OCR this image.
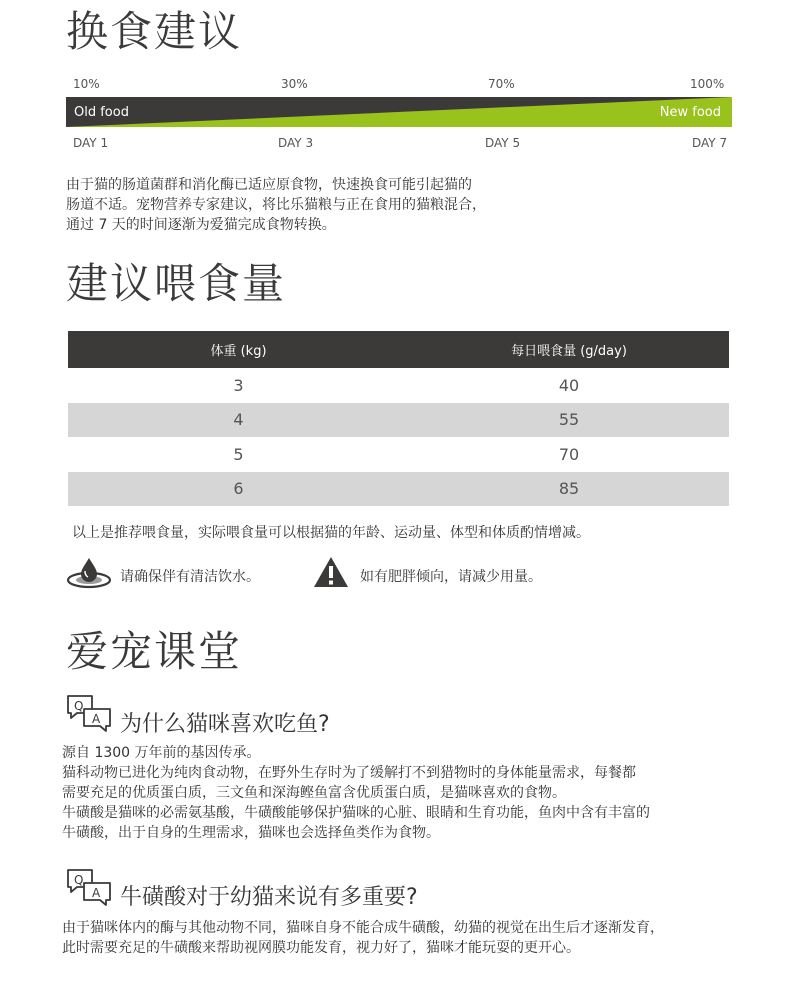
换食建议
10%	30%	70%	100%
Old food	New food
DAY 1	DAY 3	DAY 5	DAY 7
由于猫的肠道菌群和消化酶已适应原食物，快速换食可能引起猫的
肠道不适。宠物营养专家建议，将比乐猫粮与正在食用的猫粮混合，
通过 7 天的时间逐渐为爱猫完成食物转换。
建议喂食量
体重 (kg)	每日喂食量 (g/day)
3	40
4	55
5	70
6	85
以上是推荐喂食量，实际喂食量可以根据猫的年龄、运动量、体型和体质酌情增减。
请确保伴有清洁饮水。	如有肥胖倾向，请减少用量。
爱宠课堂
Q
A 为什么猫咪喜欢吃鱼?
源自 1300 万年前的基因传承。
猫科动物已进化为纯肉食动物，在野外生存时为了缓解打不到猎物时的身体能量需求，每餐都
需要充足的优质蛋白质，三文鱼和深海鲣鱼富含优质蛋白质，是猫咪喜欢的食物。
牛磺酸是猫咪的必需氨基酸，牛磺酸能够保护猫咪的心脏、眼睛和生育功能，鱼肉中含有丰富的
牛磺酸，出于自身的生理需求，猫咪也会选择鱼类作为食物。
Q
A 牛磺酸对于幼猫来说有多重要?
由于猫咪体内的酶与其他动物不同，猫咪自身不能合成牛磺酸，幼猫的视觉在出生后才逐渐发育，
此时需要充足的牛磺酸来帮助视网膜功能发育，视力好了，猫咪才能玩耍的更开心。
